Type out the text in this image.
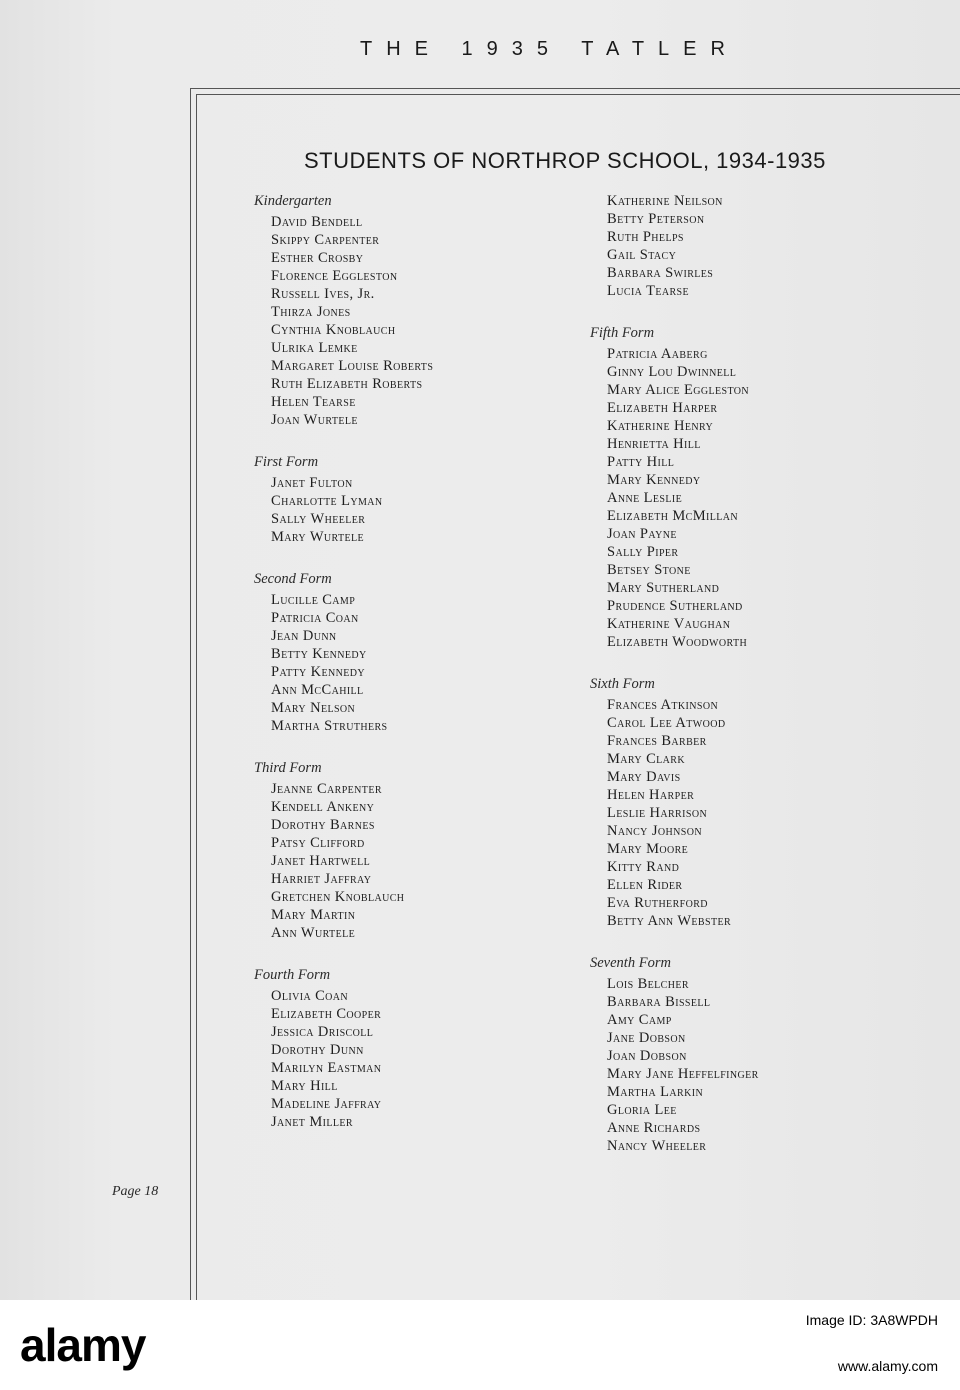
THE 1935 TATLER
STUDENTS OF NORTHROP SCHOOL, 1934-1935
Kindergarten
David Bendell
Skippy Carpenter
Esther Crosby
Florence Eggleston
Russell Ives, Jr.
Thirza Jones
Cynthia Knoblauch
Ulrika Lemke
Margaret Louise Roberts
Ruth Elizabeth Roberts
Helen Tearse
Joan Wurtele
First Form
Janet Fulton
Charlotte Lyman
Sally Wheeler
Mary Wurtele
Second Form
Lucille Camp
Patricia Coan
Jean Dunn
Betty Kennedy
Patty Kennedy
Ann McCahill
Mary Nelson
Martha Struthers
Third Form
Jeanne Carpenter
Kendell Ankeny
Dorothy Barnes
Patsy Clifford
Janet Hartwell
Harriet Jaffray
Gretchen Knoblauch
Mary Martin
Ann Wurtele
Fourth Form
Olivia Coan
Elizabeth Cooper
Jessica Driscoll
Dorothy Dunn
Marilyn Eastman
Mary Hill
Madeline Jaffray
Janet Miller
Katherine Neilson
Betty Peterson
Ruth Phelps
Gail Stacy
Barbara Swirles
Lucia Tearse
Fifth Form
Patricia Aaberg
Ginny Lou Dwinnell
Mary Alice Eggleston
Elizabeth Harper
Katherine Henry
Henrietta Hill
Patty Hill
Mary Kennedy
Anne Leslie
Elizabeth McMillan
Joan Payne
Sally Piper
Betsey Stone
Mary Sutherland
Prudence Sutherland
Katherine Vaughan
Elizabeth Woodworth
Sixth Form
Frances Atkinson
Carol Lee Atwood
Frances Barber
Mary Clark
Mary Davis
Helen Harper
Leslie Harrison
Nancy Johnson
Mary Moore
Kitty Rand
Ellen Rider
Eva Rutherford
Betty Ann Webster
Seventh Form
Lois Belcher
Barbara Bissell
Amy Camp
Jane Dobson
Joan Dobson
Mary Jane Heffelfinger
Martha Larkin
Gloria Lee
Anne Richards
Nancy Wheeler
Page 18
alamy	Image ID: 3A8WPDH
www.alamy.com
